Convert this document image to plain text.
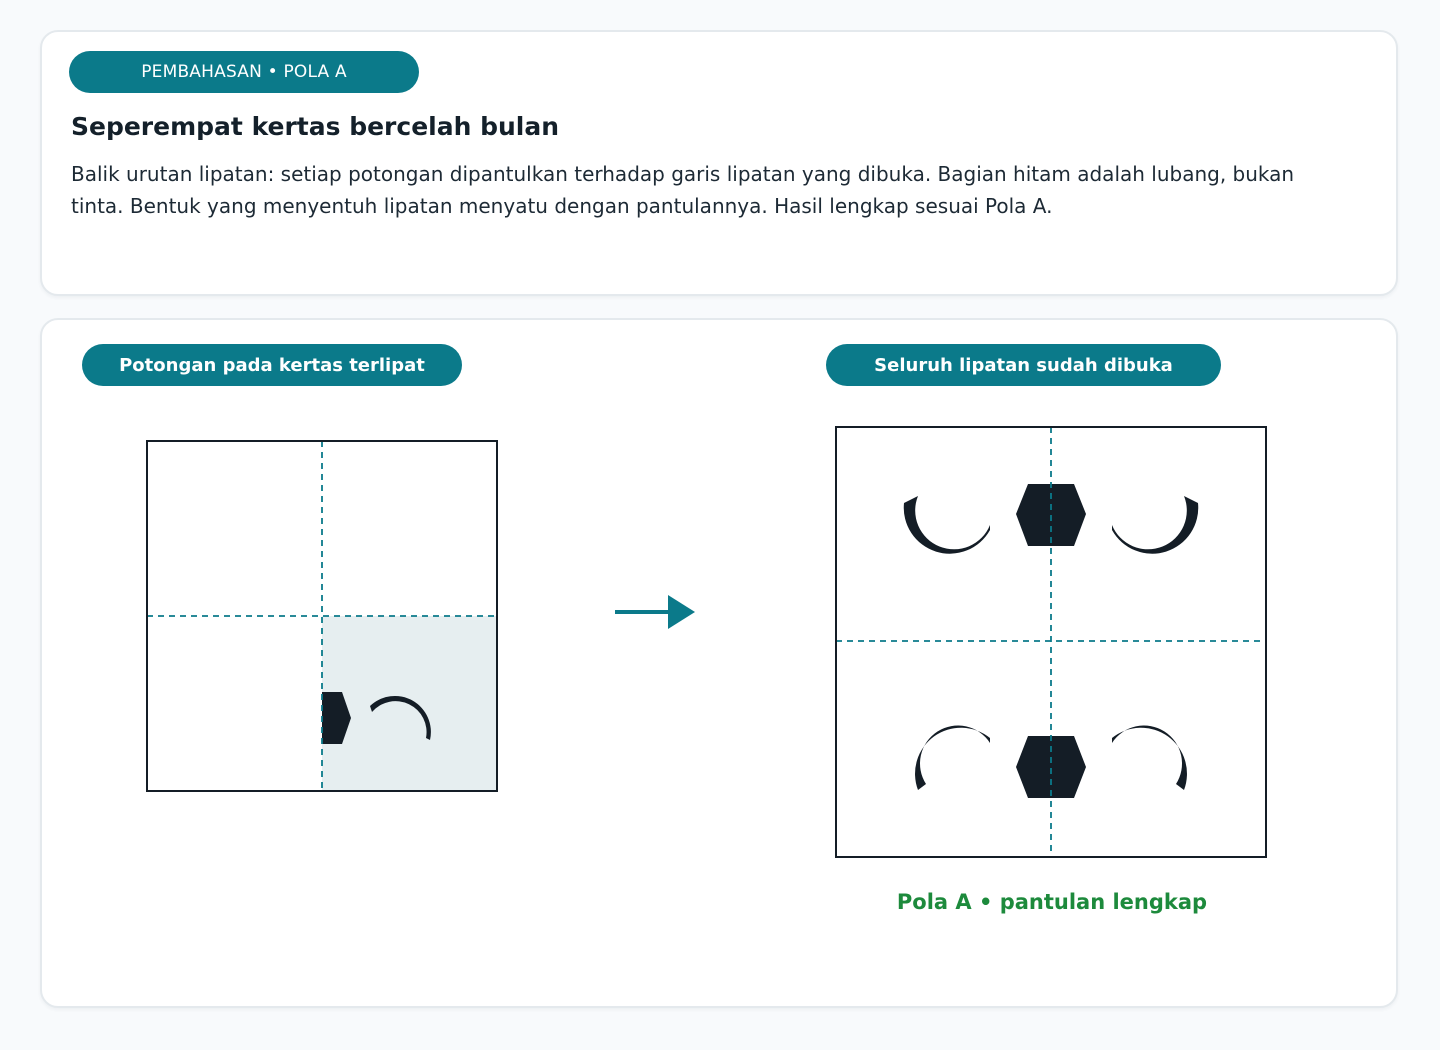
PEMBAHASAN • POLA A
Seperempat kertas bercelah bulan

Balik urutan lipatan: setiap potongan dipantulkan terhadap garis lipatan yang dibuka. Bagian hitam adalah lubang, bukan tinta. Bentuk yang menyentuh lipatan menyatu dengan pantulannya. Hasil lengkap sesuai Pola A.

Potongan pada kertas terlipat	Seluruh lipatan sudah dibuka
Pola A • pantulan lengkap
